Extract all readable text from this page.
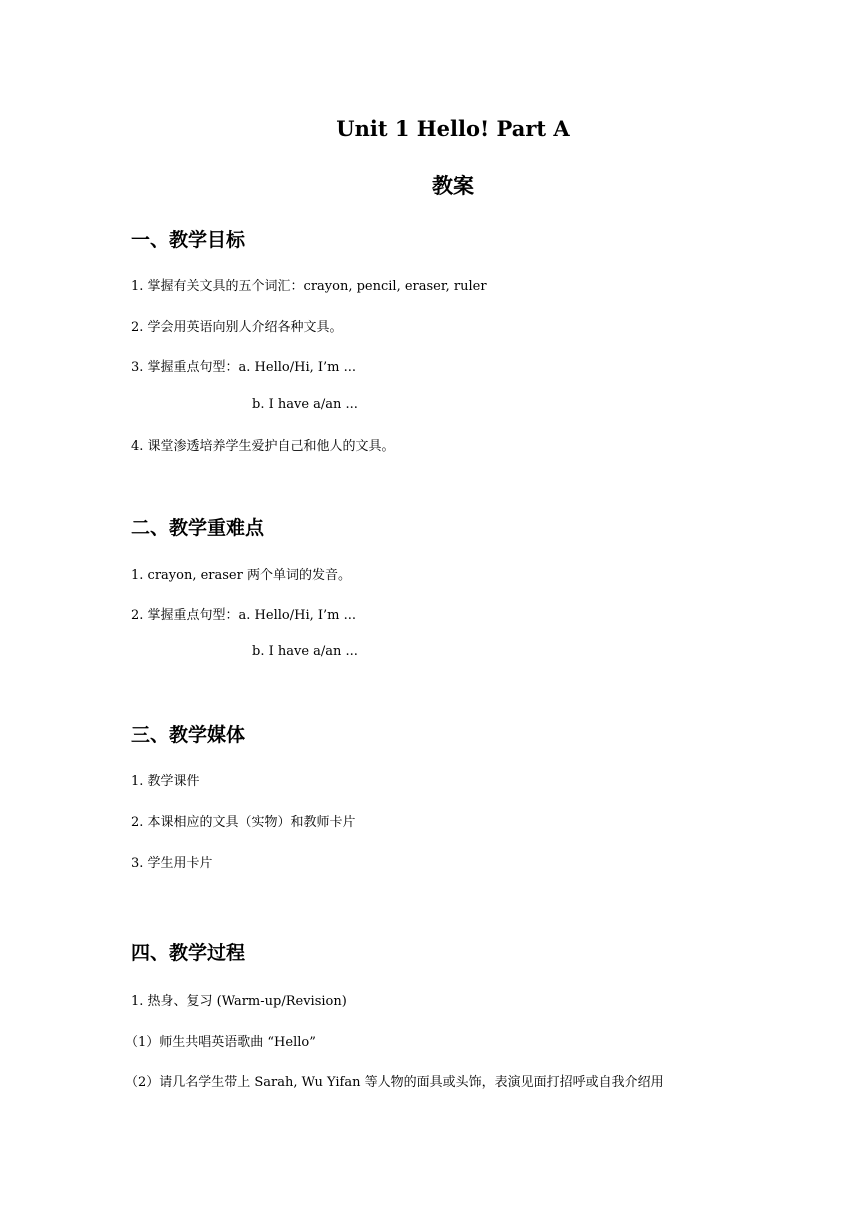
Unit 1 Hello! Part A

教案

一、教学目标

1. 掌握有关文具的五个词汇：crayon, pencil, eraser, ruler

2. 学会用英语向别人介绍各种文具。

3. 掌握重点句型：a. Hello/Hi, I’m ...

b. I have a/an ...

4. 课堂渗透培养学生爱护自己和他人的文具。

二、教学重难点

1. crayon, eraser 两个单词的发音。

2. 掌握重点句型：a. Hello/Hi, I’m ...

b. I have a/an ...

三、教学媒体

1. 教学课件

2. 本课相应的文具（实物）和教师卡片

3. 学生用卡片

四、教学过程

1. 热身、复习 (Warm-up/Revision)

（1）师生共唱英语歌曲 “Hello”

（2）请几名学生带上 Sarah, Wu Yifan 等人物的面具或头饰，表演见面打招呼或自我介绍用
